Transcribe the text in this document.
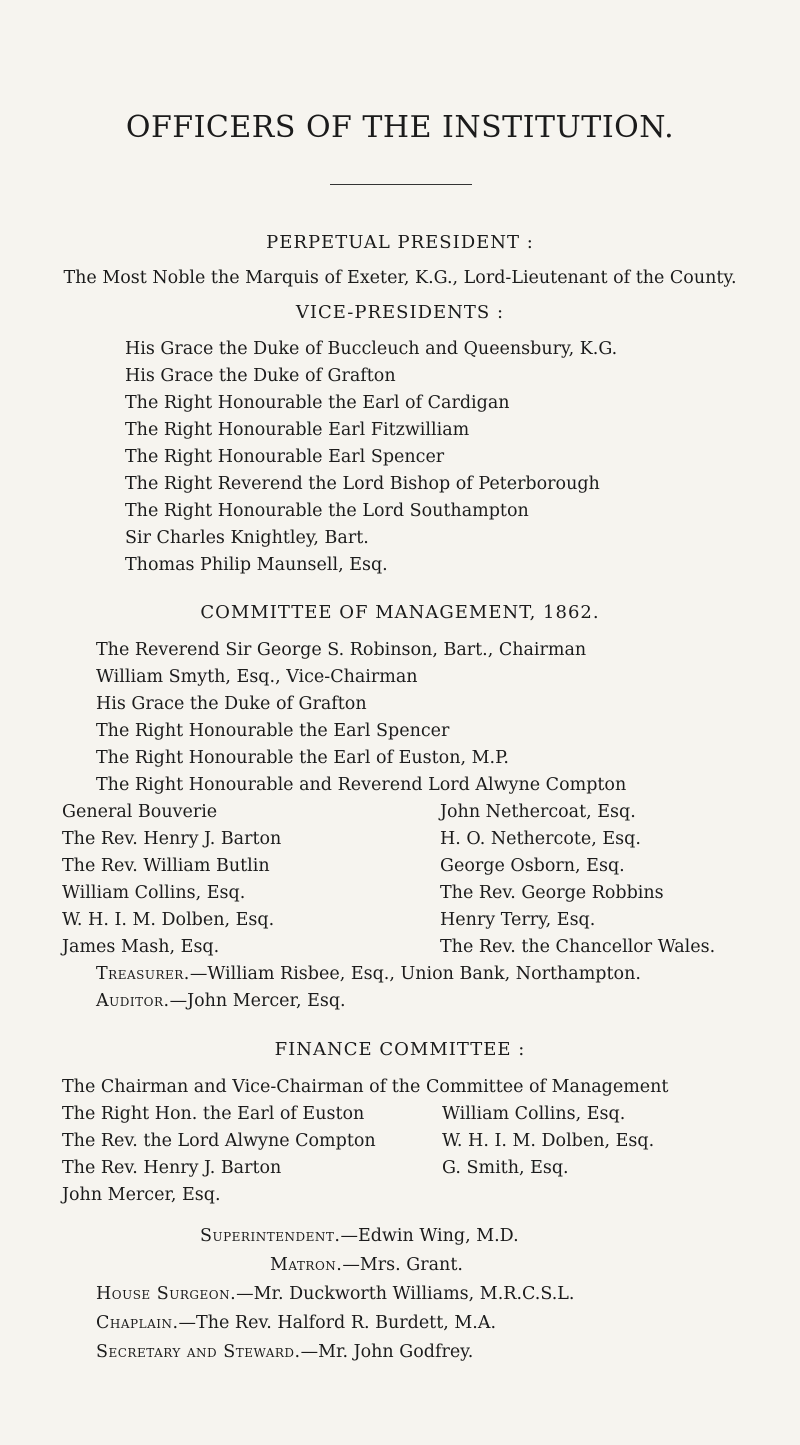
OFFICERS OF THE INSTITUTION.
PERPETUAL PRESIDENT :
The Most Noble the Marquis of Exeter, K.G., Lord-Lieutenant of the County.
VICE-PRESIDENTS :
His Grace the Duke of Buccleuch and Queensbury, K.G.
His Grace the Duke of Grafton
The Right Honourable the Earl of Cardigan
The Right Honourable Earl Fitzwilliam
The Right Honourable Earl Spencer
The Right Reverend the Lord Bishop of Peterborough
The Right Honourable the Lord Southampton
Sir Charles Knightley, Bart.
Thomas Philip Maunsell, Esq.
COMMITTEE OF MANAGEMENT, 1862.
The Reverend Sir George S. Robinson, Bart., Chairman
William Smyth, Esq., Vice-Chairman
His Grace the Duke of Grafton
The Right Honourable the Earl Spencer
The Right Honourable the Earl of Euston, M.P.
The Right Honourable and Reverend Lord Alwyne Compton
General Bouverie
The Rev. Henry J. Barton
The Rev. William Butlin
William Collins, Esq.
W. H. I. M. Dolben, Esq.
James Mash, Esq.
John Nethercoat, Esq.
H. O. Nethercote, Esq.
George Osborn, Esq.
The Rev. George Robbins
Henry Terry, Esq.
The Rev. the Chancellor Wales.
Treasurer.—William Risbee, Esq., Union Bank, Northampton.
Auditor.—John Mercer, Esq.
FINANCE COMMITTEE :
The Chairman and Vice-Chairman of the Committee of Management
The Right Hon. the Earl of Euston
The Rev. the Lord Alwyne Compton
The Rev. Henry J. Barton
John Mercer, Esq.
William Collins, Esq.
W. H. I. M. Dolben, Esq.
G. Smith, Esq.
Superintendent.—Edwin Wing, M.D.
Matron.—Mrs. Grant.
House Surgeon.—Mr. Duckworth Williams, M.R.C.S.L.
Chaplain.—The Rev. Halford R. Burdett, M.A.
Secretary and Steward.—Mr. John Godfrey.
